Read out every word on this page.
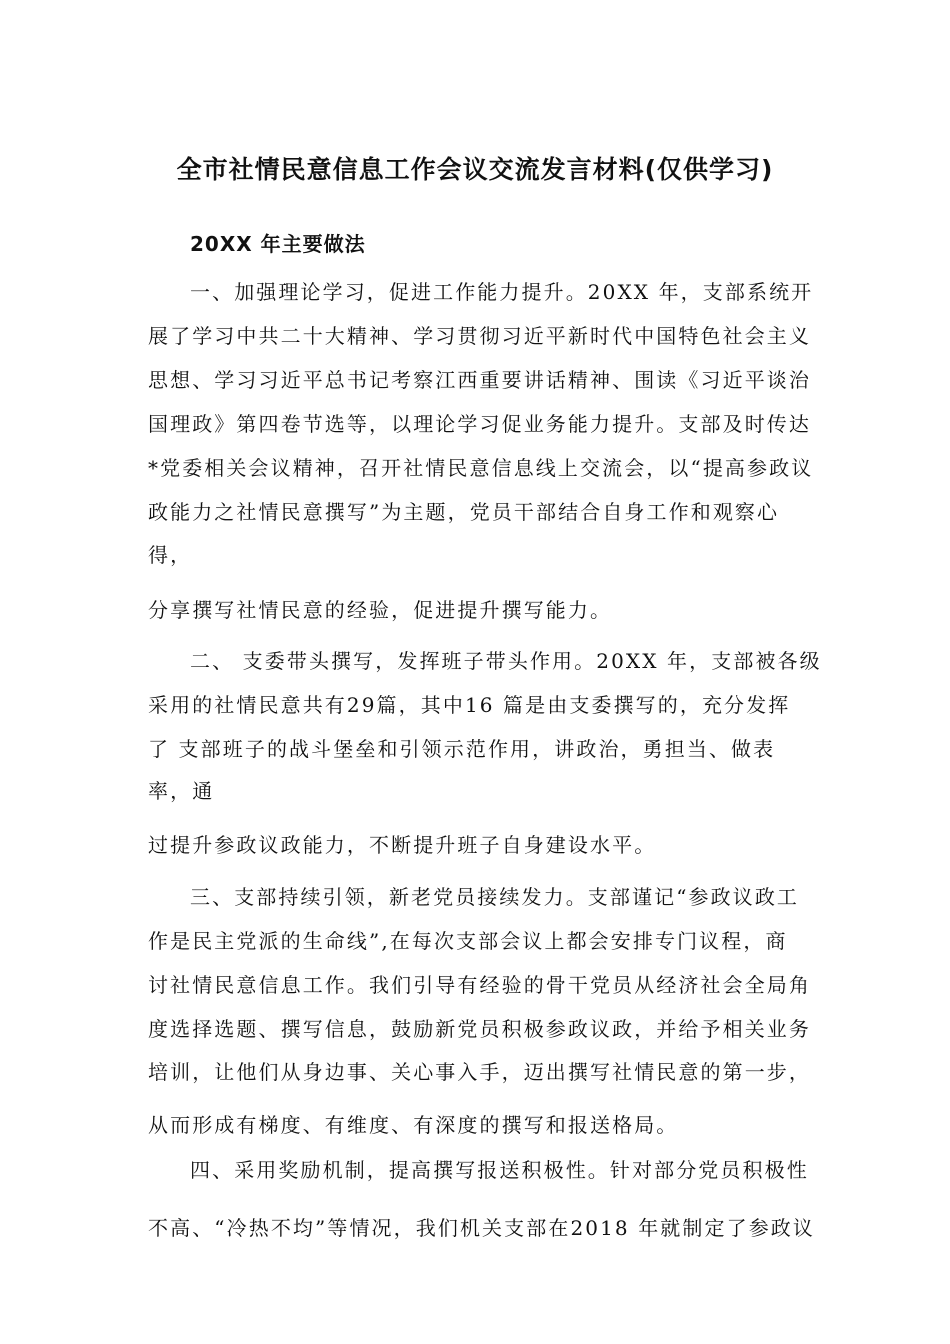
全市社情民意信息工作会议交流发言材料(仅供学习)
20XX 年主要做法
一、加强理论学习，促进工作能力提升。20XX 年，支部系统开
展了学习中共二十大精神、学习贯彻习近平新时代中国特色社会主义
思想、学习习近平总书记考察江西重要讲话精神、围读《习近平谈治
国理政》第四卷节选等，以理论学习促业务能力提升。支部及时传达
*党委相关会议精神，召开社情民意信息线上交流会，以“提高参政议
政能力之社情民意撰写”为主题，党员干部结合自身工作和观察心
得，
分享撰写社情民意的经验，促进提升撰写能力。
二、 支委带头撰写，发挥班子带头作用。20XX 年，支部被各级
采用的社情民意共有29篇，其中16 篇是由支委撰写的，充分发挥
了 支部班子的战斗堡垒和引领示范作用，讲政治，勇担当、做表
率，通
过提升参政议政能力，不断提升班子自身建设水平。
三、支部持续引领，新老党员接续发力。支部谨记“参政议政工
作是民主党派的生命线”,在每次支部会议上都会安排专门议程，商
讨社情民意信息工作。我们引导有经验的骨干党员从经济社会全局角
度选择选题、撰写信息，鼓励新党员积极参政议政，并给予相关业务
培训，让他们从身边事、关心事入手，迈出撰写社情民意的第一步，
从而形成有梯度、有维度、有深度的撰写和报送格局。
四、采用奖励机制，提高撰写报送积极性。针对部分党员积极性
不高、“冷热不均”等情况，我们机关支部在2018 年就制定了参政议
